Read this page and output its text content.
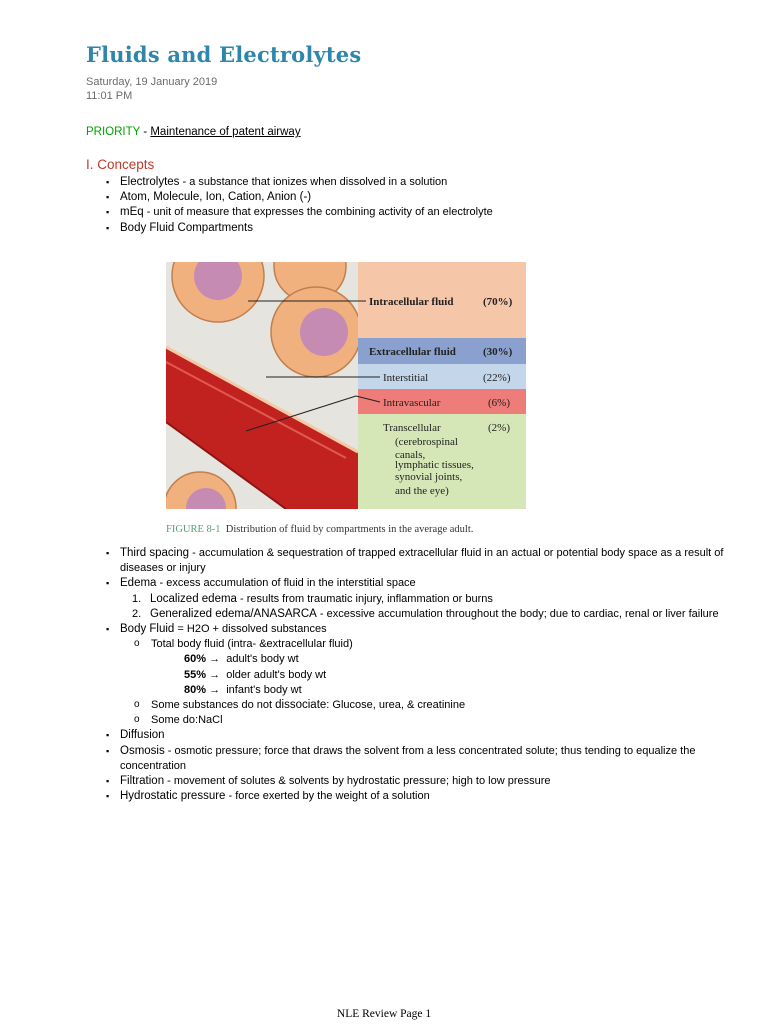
Fluids and Electrolytes
Saturday, 19 January 2019
11:01 PM
PRIORITY - Maintenance of patent airway
I. Concepts
▪ Electrolytes - a substance that ionizes when dissolved in a solution
▪ Atom, Molecule, Ion, Cation, Anion (-)
▪ mEq - unit of measure that expresses the combining activity of an electrolyte
▪ Body Fluid Compartments
Intracellular fluid	(70%)
Extracellular fluid (30%)
Interstitial	(22%)
Intravascular	(6%)
Transcellular	(2%)
(cerebrospinal
canals,
lymphatic tissues,
synovial joints,
and the eye)
FIGURE 8-1 Distribution of fluid by compartments in the average adult.
▪ Third spacing - accumulation & sequestration of trapped extracellular fluid in an actual or potential body space as a result of diseases or injury
▪ Edema - excess accumulation of fluid in the interstitial space
1. Localized edema - results from traumatic injury, inflammation or burns
2. Generalized edema/ANASARCA - excessive accumulation throughout the body; due to cardiac, renal or liver failure
▪ Body Fluid = H2O + dissolved substances
o Total body fluid (intra- &extracellular fluid)
60% → adult's body wt
55% → older adult's body wt
80% → infant's body wt
o Some substances do not dissociate: Glucose, urea, & creatinine
o Some do:NaCl
▪ Diffusion
▪ Osmosis - osmotic pressure; force that draws the solvent from a less concentrated solute; thus tending to equalize the concentration
▪ Filtration - movement of solutes & solvents by hydrostatic pressure; high to low pressure
▪ Hydrostatic pressure - force exerted by the weight of a solution
NLE Review Page 1
